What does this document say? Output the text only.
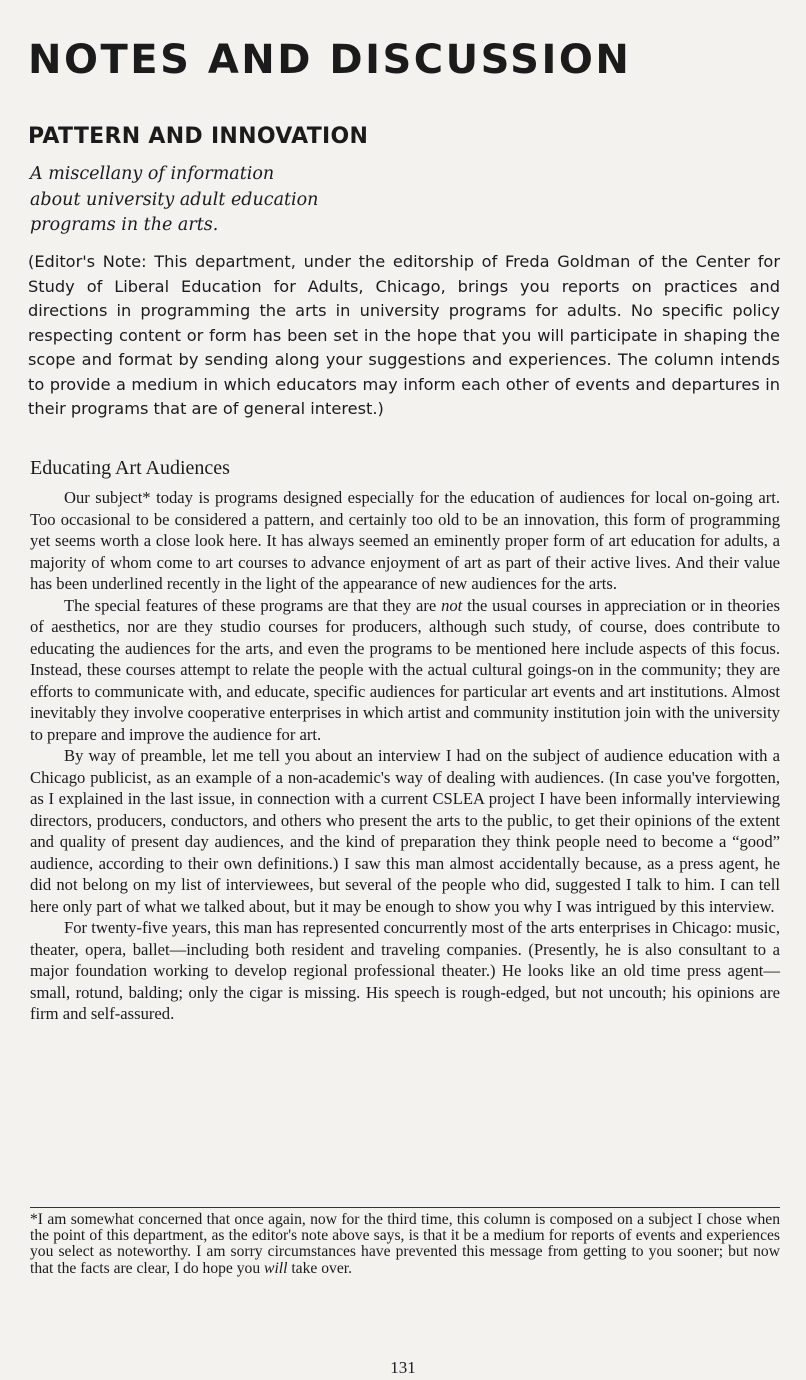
NOTES AND DISCUSSION
PATTERN AND INNOVATION
A miscellany of information
about university adult education
programs in the arts.
(Editor's Note: This department, under the editorship of Freda Goldman of the Center for Study of Liberal Education for Adults, Chicago, brings you reports on practices and directions in programming the arts in university programs for adults. No specific policy respecting content or form has been set in the hope that you will participate in shaping the scope and format by sending along your suggestions and experiences. The column intends to provide a medium in which educators may inform each other of events and departures in their programs that are of general interest.)
Educating Art Audiences

Our subject* today is programs designed especially for the education of audiences for local on-going art. Too occasional to be considered a pattern, and certainly too old to be an innovation, this form of programming yet seems worth a close look here. It has always seemed an eminently proper form of art education for adults, a majority of whom come to art courses to advance enjoyment of art as part of their active lives. And their value has been underlined recently in the light of the appearance of new audiences for the arts.

The special features of these programs are that they are not the usual courses in appreciation or in theories of aesthetics, nor are they studio courses for producers, although such study, of course, does contribute to educating the audiences for the arts, and even the programs to be mentioned here include aspects of this focus. Instead, these courses attempt to relate the people with the actual cultural goings-on in the community; they are efforts to communicate with, and educate, specific audiences for particular art events and art institutions. Almost inevitably they involve cooperative enterprises in which artist and community institution join with the university to prepare and improve the audience for art.

By way of preamble, let me tell you about an interview I had on the subject of audience education with a Chicago publicist, as an example of a non-academic's way of dealing with audiences. (In case you've forgotten, as I explained in the last issue, in connection with a current CSLEA project I have been informally interviewing directors, producers, conductors, and others who present the arts to the public, to get their opinions of the extent and quality of present day audiences, and the kind of preparation they think people need to become a “good” audience, according to their own definitions.) I saw this man almost accidentally because, as a press agent, he did not belong on my list of interviewees, but several of the people who did, suggested I talk to him. I can tell here only part of what we talked about, but it may be enough to show you why I was intrigued by this interview.

For twenty-five years, this man has represented concurrently most of the arts enterprises in Chicago: music, theater, opera, ballet—including both resident and traveling companies. (Presently, he is also consultant to a major foundation working to develop regional professional theater.) He looks like an old time press agent—small, rotund, balding; only the cigar is missing. His speech is rough-edged, but not uncouth; his opinions are firm and self-assured.

*I am somewhat concerned that once again, now for the third time, this column is composed on a subject I chose when the point of this department, as the editor's note above says, is that it be a medium for reports of events and experiences you select as noteworthy. I am sorry circumstances have prevented this message from getting to you sooner; but now that the facts are clear, I do hope you will take over.
131
